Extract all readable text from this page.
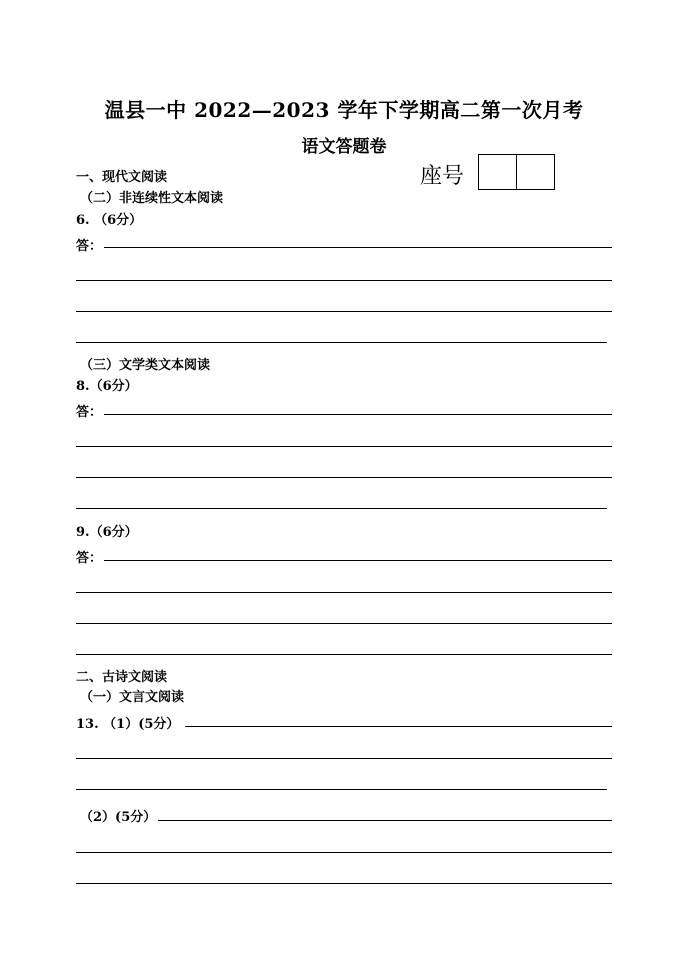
温县一中 2022—2023 学年下学期高二第一次月考
语文答题卷
座号
一、现代文阅读
（二）非连续性文本阅读
6. （6分）
答：
（三）文学类文本阅读
8.（6分）
答：
9.（6分）
答：
二、古诗文阅读
（一）文言文阅读
13. （1）(5分）
（2）(5分）
